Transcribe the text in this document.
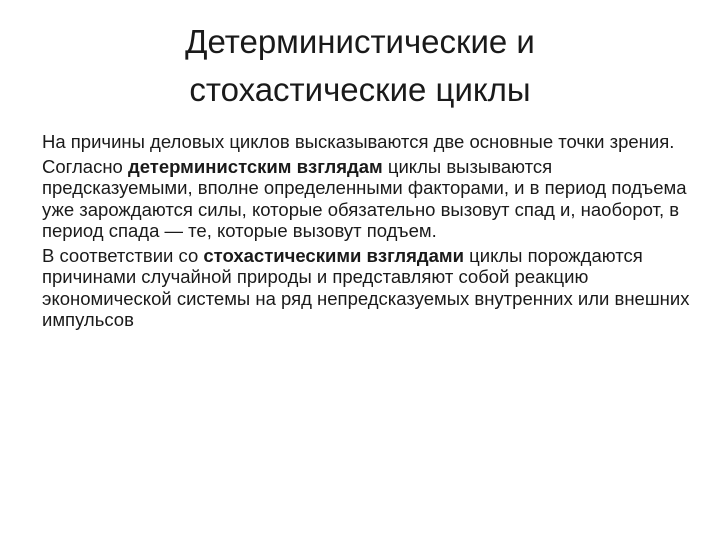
Детерминистические и
стохастические циклы

На причины деловых циклов высказываются две основные точки зрения.

Согласно детерминистским взглядам циклы вызываются предсказуемыми, вполне определенными факторами, и в период подъема уже зарождаются силы, которые обязательно вызовут спад и, наоборот, в период спада — те, которые вызовут подъем.

В соответствии со стохастическими взглядами циклы порождаются причинами случайной природы и представляют собой реакцию экономической системы на ряд непредсказуемых внутренних или внешних импульсов
